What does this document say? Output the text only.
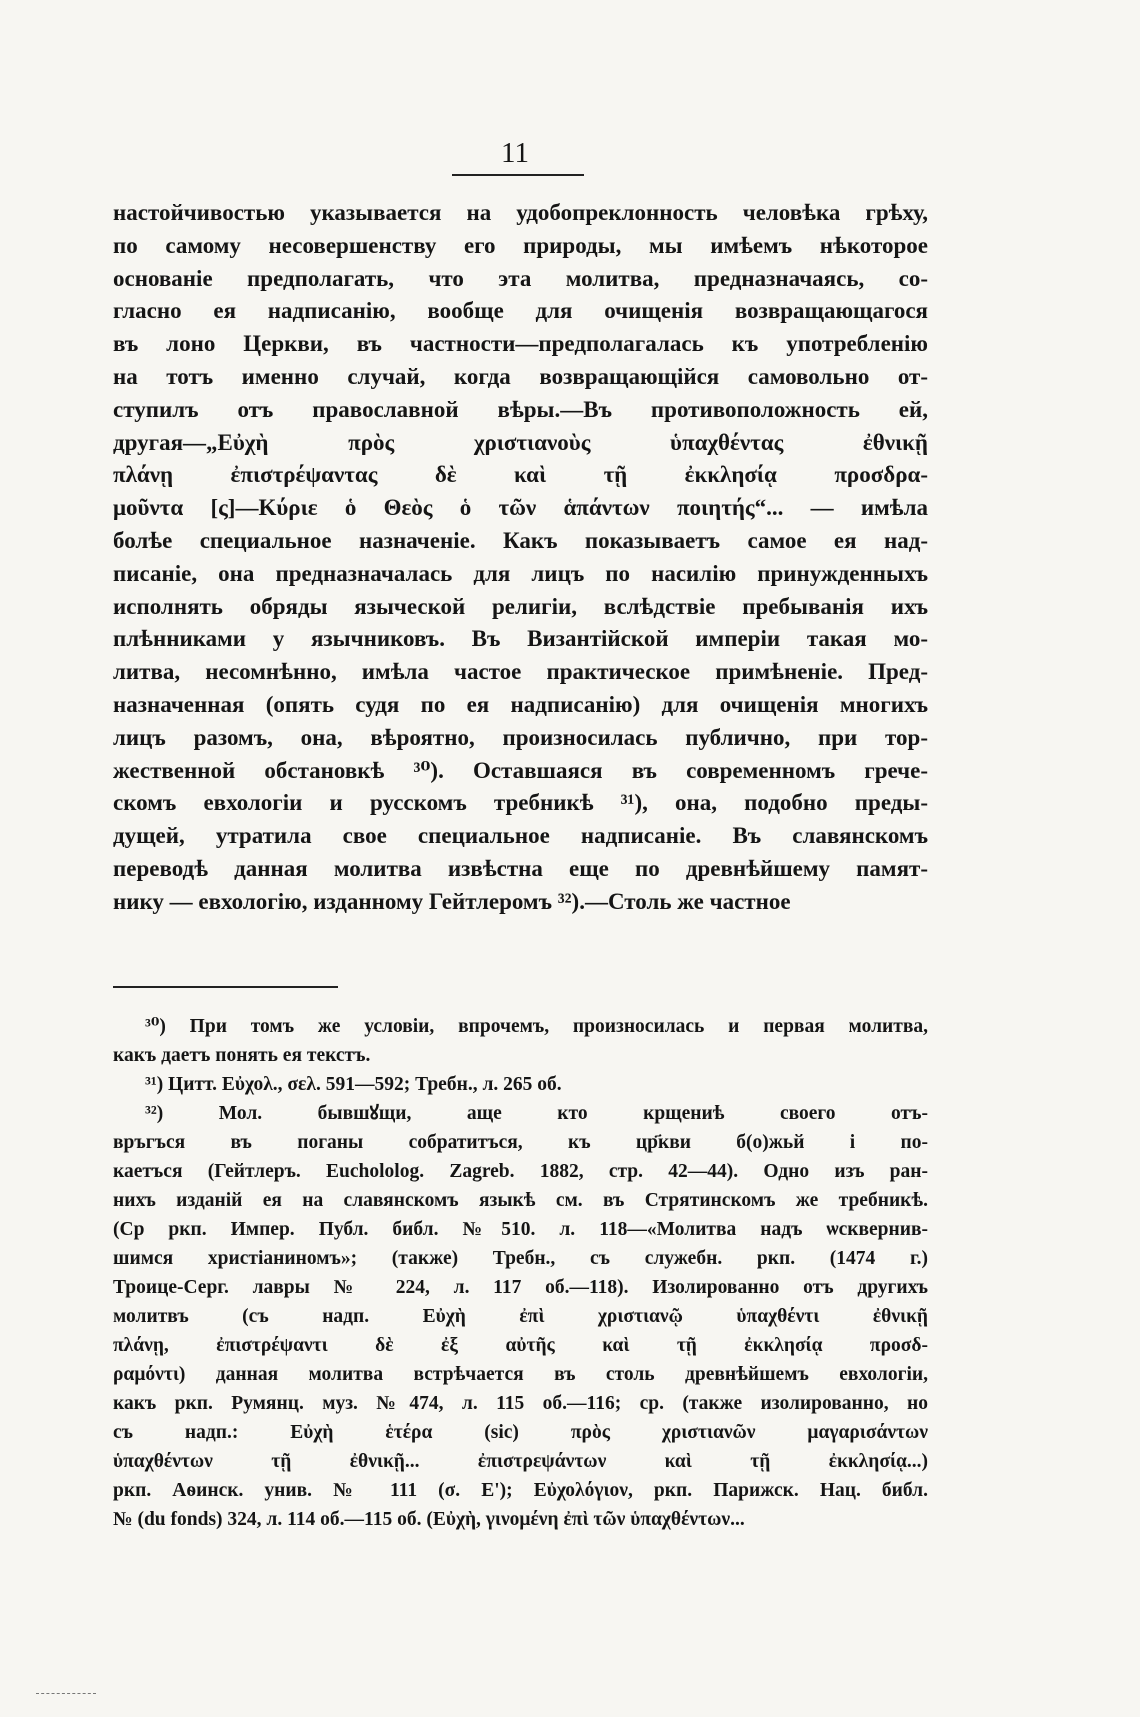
11
настойчивостью указывается на удобопреклонность человѣка грѣху,
по самому несовершенству его природы, мы имѣемъ нѣкоторое
основаніе предполагать, что эта молитва, предназначаясь, со-
гласно ея надписанію, вообще для очищенія возвращающагося
въ лоно Церкви, въ частности—предполагалась къ употребленію
на тотъ именно случай, когда возвращающійся самовольно от-
ступилъ отъ православной вѣры.—Въ противоположность ей,
другая—„Εὐχὴ πρὸς χριστιανοὺς ὑπαχθέντας ἐθνικῇ
πλάνῃ ἐπιστρέψαντας δὲ καὶ τῇ ἐκκλησίᾳ προσδρα-
μοῦντα [ς]—Κύριε ὁ Θεὸς ὁ τῶν ἁπάντων ποιητής“... — имѣла
болѣе специальное назначеніе. Какъ показываетъ самое ея над-
писаніе, она предназначалась для лицъ по насилію принужденныхъ
исполнять обряды языческой религіи, вслѣдствіе пребыванія ихъ
плѣнниками у язычниковъ. Въ Византійской имперіи такая мо-
литва, несомнѣнно, имѣла частое практическое примѣненіе. Пред-
назначенная (опять судя по ея надписанію) для очищенія многихъ
лицъ разомъ, она, вѣроятно, произносилась публично, при тор-
жественной обстановкѣ ³⁰). Оставшаяся въ современномъ грече-
скомъ евхологіи и русскомъ требникѣ ³¹), она, подобно преды-
дущей, утратила свое специальное надписаніе. Въ славянскомъ
переводѣ данная молитва извѣстна еще по древнѣйшему памят-
нику — евхологію, изданному Гейтлеромъ ³²).—Столь же частное
³⁰) При томъ же условіи, впрочемъ, произносилась и первая молитва,
какъ даетъ понять ея текстъ.
³¹) Цитт. Εὐχολ., σελ. 591—592; Требн., л. 265 об.
³²) Мол. бывшꙋщи, аще кто крщениѣ своего отъ-
връгъся въ поганы собратитъся, къ цр҃кви б(о)жьй і по-
каетъся (Гейтлеръ. Euchololog. Zagreb. 1882, стр. 42—44). Одно изъ ран-
нихъ изданій ея на славянскомъ языкѣ см. въ Стрятинскомъ же требникѣ.
(Ср ркп. Импер. Публ. библ. №510. л. 118—«Молитва надъ ѡсквернив-
шимся христіаниномъ»; (также) Требн., съ служебн. ркп. (1474 г.)
Троице-Серг. лавры № 224, л. 117 об.—118). Изолированно отъ другихъ
молитвъ (съ надп. Εὐχὴ ἐπὶ χριστιανῷ ὑπαχθέντι ἐθνικῇ
πλάνῃ, ἐπιστρέψαντι δὲ ἐξ αὐτῆς καὶ τῇ ἐκκλησίᾳ προσδ-
ραμόντι) данная молитва встрѣчается въ столь древнѣйшемъ евхологіи,
какъ ркп. Румянц. муз. №474, л. 115 об.—116; ср. (также изолированно, но
съ надп.: Εὐχὴ ἑτέρα (sic) πρὸς χριστιανῶν μαγαρισάντων
ὑπαχθέντων τῇ ἐθνικῇ... ἐπιστρεψάντων καὶ τῇ ἐκκλησίᾳ...)
ркп. Аѳинск. унив. № 111 (σ. Ε'); Εὐχολόγιον, ркп. Парижск. Нац. библ.
№ (du fonds) 324, л. 114 об.—115 об. (Εὐχὴ, γινομένη ἐπὶ τῶν ὑπαχθέντων...
